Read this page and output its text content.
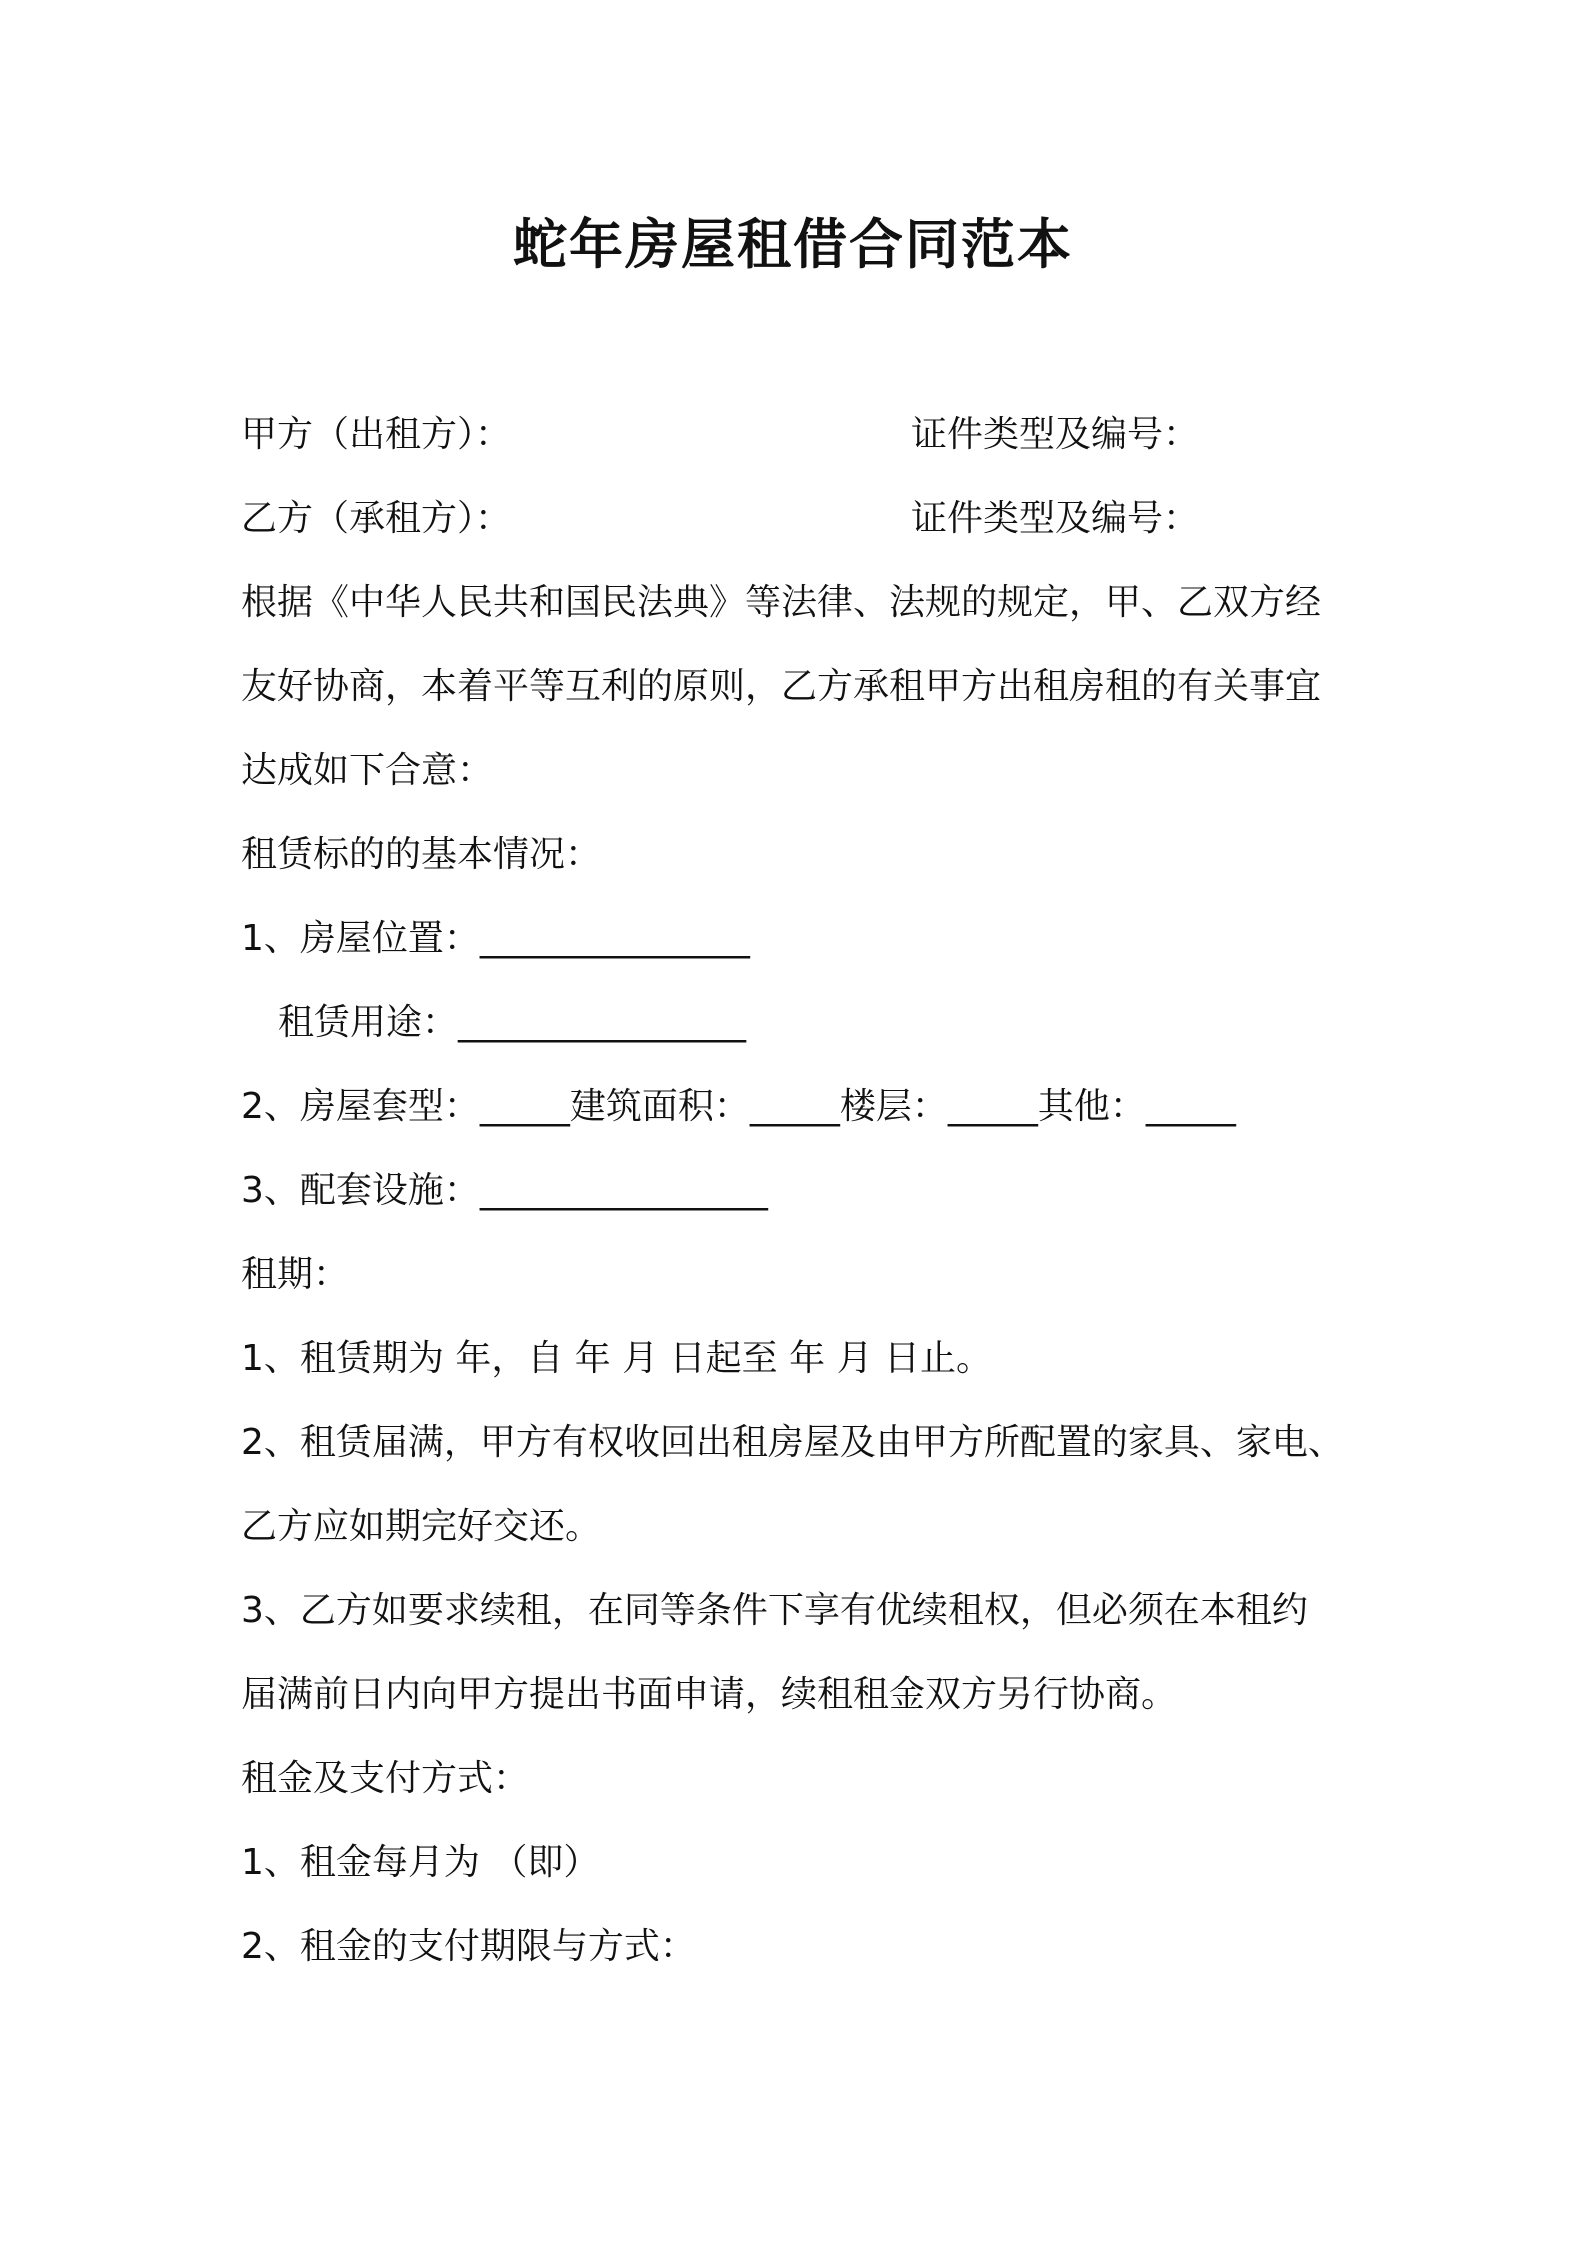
蛇年房屋租借合同范本
甲方（出租方）：	证件类型及编号：
乙方（承租方）：	证件类型及编号：
根据《中华人民共和国民法典》等法律、法规的规定，甲、乙双方经
友好协商，本着平等互利的原则，乙方承租甲方出租房租的有关事宜
达成如下合意：
租赁标的的基本情况：
1、房屋位置：_______________
租赁用途：________________
2、房屋套型：_____建筑面积：_____楼层：_____其他：_____
3、配套设施：________________
租期：
1、租赁期为 年，自 年 月 日起至 年 月 日止。
2、租赁届满，甲方有权收回出租房屋及由甲方所配置的家具、家电、
乙方应如期完好交还。
3、乙方如要求续租，在同等条件下享有优续租权，但必须在本租约
届满前日内向甲方提出书面申请，续租租金双方另行协商。
租金及支付方式：
1、租金每月为 （即）
2、租金的支付期限与方式：
